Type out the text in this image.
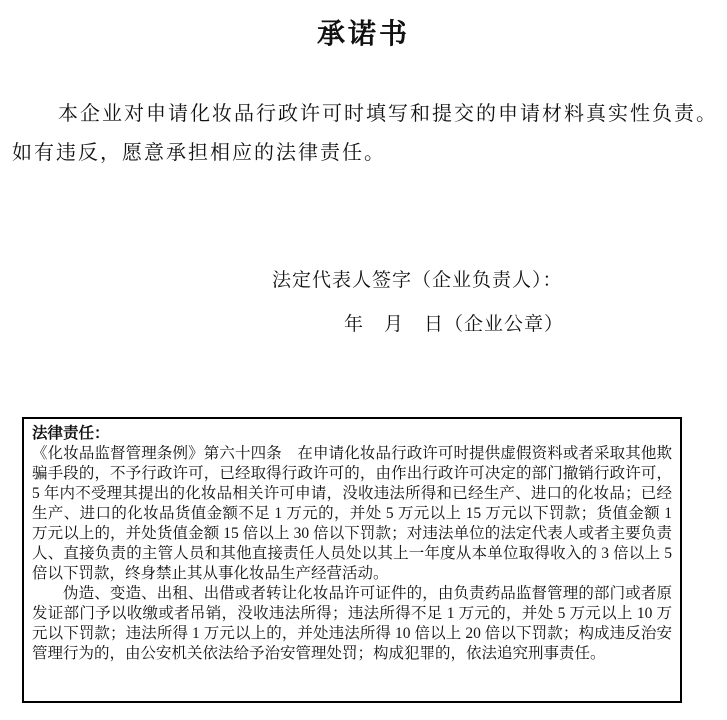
承诺书

本企业对申请化妆品行政许可时填写和提交的申请材料真实性负责。如有违反，愿意承担相应的法律责任。

法定代表人签字（企业负责人）：
年　月　日（企业公章）

法律责任：

《化妆品监督管理条例》第六十四条　在申请化妆品行政许可时提供虚假资料或者采取其他欺骗手段的，不予行政许可，已经取得行政许可的，由作出行政许可决定的部门撤销行政许可，5 年内不受理其提出的化妆品相关许可申请，没收违法所得和已经生产、进口的化妆品；已经生产、进口的化妆品货值金额不足 1 万元的，并处 5 万元以上 15 万元以下罚款；货值金额 1 万元以上的，并处货值金额 15 倍以上 30 倍以下罚款；对违法单位的法定代表人或者主要负责人、直接负责的主管人员和其他直接责任人员处以其上一年度从本单位取得收入的 3 倍以上 5 倍以下罚款，终身禁止其从事化妆品生产经营活动。

伪造、变造、出租、出借或者转让化妆品许可证件的，由负责药品监督管理的部门或者原发证部门予以收缴或者吊销，没收违法所得；违法所得不足 1 万元的，并处 5 万元以上 10 万元以下罚款；违法所得 1 万元以上的，并处违法所得 10 倍以上 20 倍以下罚款；构成违反治安管理行为的，由公安机关依法给予治安管理处罚；构成犯罪的，依法追究刑事责任。
